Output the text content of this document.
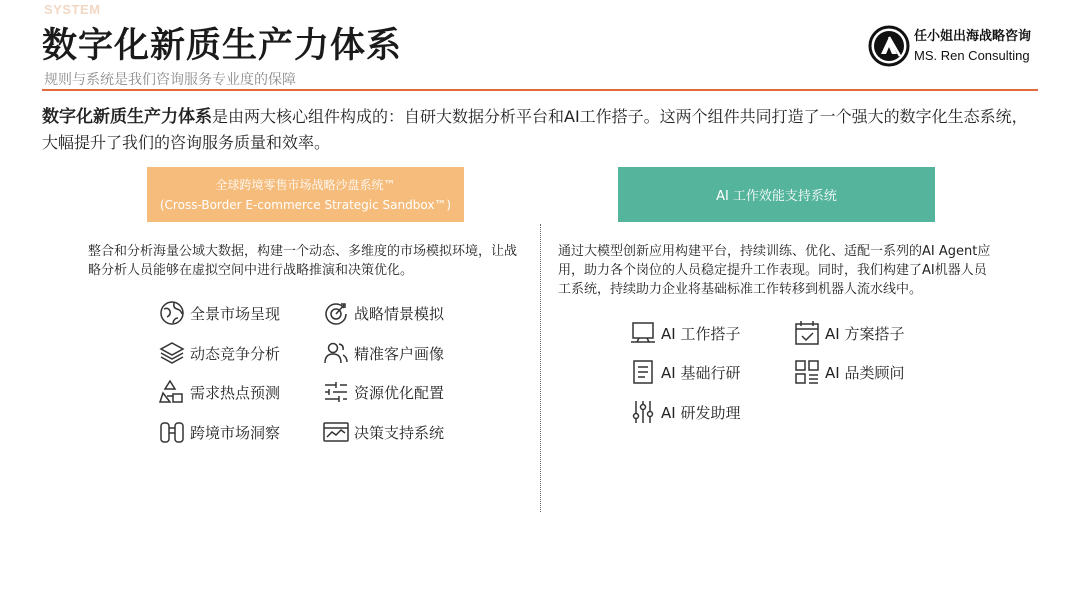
SYSTEM
数字化新质生产力体系
规则与系统是我们咨询服务专业度的保障
任小姐出海战略咨询
MS. Ren Consulting
数字化新质生产力体系是由两大核心组件构成的：自研大数据分析平台和AI工作搭子。这两个组件共同打造了一个强大的数字化生态系统，大幅提升了我们的咨询服务质量和效率。
全球跨境零售市场战略沙盘系统™
(Cross-Border E-commerce Strategic Sandbox™)
AI 工作效能支持系统
整合和分析海量公域大数据，构建一个动态、多维度的市场模拟环境，让战略分析人员能够在虚拟空间中进行战略推演和决策优化。
通过大模型创新应用构建平台，持续训练、优化、适配一系列的AI Agent应用，助力各个岗位的人员稳定提升工作表现。同时，我们构建了AI机器人员工系统，持续助力企业将基础标准工作转移到机器人流水线中。
全景市场呈现	战略情景模拟
动态竞争分析	精准客户画像
需求热点预测	资源优化配置
跨境市场洞察	决策支持系统
AI 工作搭子	AI 方案搭子
AI 基础行研	AI 品类顾问
AI 研发助理
